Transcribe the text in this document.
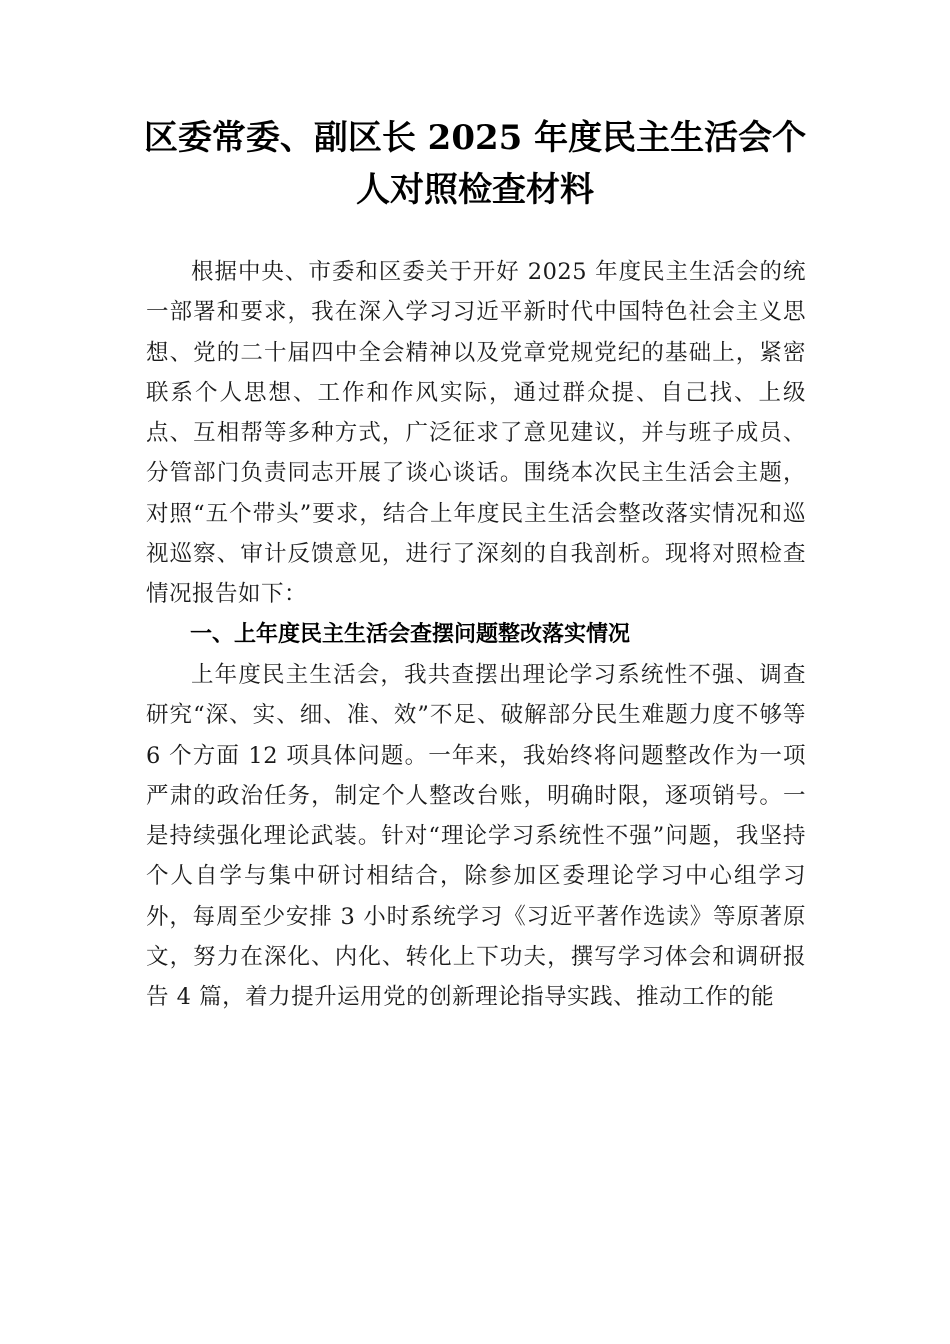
区委常委、副区长 2025 年度民主生活会个
人对照检查材料

根据中央、市委和区委关于开好 2025 年度民主生活会的统一部署和要求，我在深入学习习近平新时代中国特色社会主义思想、党的二十届四中全会精神以及党章党规党纪的基础上，紧密联系个人思想、工作和作风实际，通过群众提、自己找、上级点、互相帮等多种方式，广泛征求了意见建议，并与班子成员、分管部门负责同志开展了谈心谈话。围绕本次民主生活会主题，对照“五个带头”要求，结合上年度民主生活会整改落实情况和巡视巡察、审计反馈意见，进行了深刻的自我剖析。现将对照检查情况报告如下：

一、上年度民主生活会查摆问题整改落实情况

上年度民主生活会，我共查摆出理论学习系统性不强、调查研究“深、实、细、准、效”不足、破解部分民生难题力度不够等 6 个方面 12 项具体问题。一年来，我始终将问题整改作为一项严肃的政治任务，制定个人整改台账，明确时限，逐项销号。一是持续强化理论武装。针对“理论学习系统性不强”问题，我坚持个人自学与集中研讨相结合，除参加区委理论学习中心组学习外，每周至少安排 3 小时系统学习《习近平著作选读》等原著原文，努力在深化、内化、转化上下功夫，撰写学习体会和调研报告 4 篇，着力提升运用党的创新理论指导实践、推动工作的能
